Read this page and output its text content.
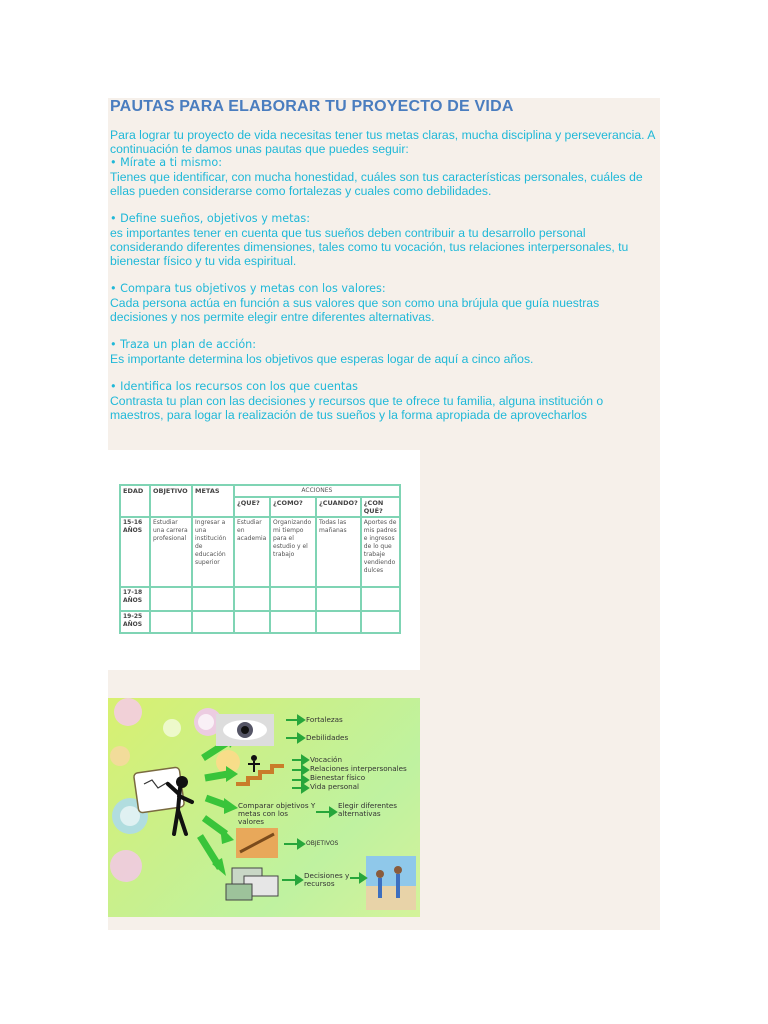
PAUTAS PARA ELABORAR TU PROYECTO DE VIDA

Para lograr tu proyecto de vida necesitas tener tus metas claras, mucha disciplina y perseverancia. A continuación te damos unas pautas que puedes seguir:

• Mírate a ti mismo:

Tienes que identificar, con mucha honestidad, cuáles son tus características personales, cuáles de ellas pueden considerarse como fortalezas y cuales como debilidades.

• Define sueños, objetivos y metas:

es importantes tener en cuenta que tus sueños deben contribuir a tu desarrollo personal considerando diferentes dimensiones, tales como tu vocación, tus relaciones interpersonales, tu bienestar físico y tu vida espiritual.

• Compara tus objetivos y metas con los valores:

Cada persona actúa en función a sus valores que son como una brújula que guía nuestras decisiones y nos permite elegir entre diferentes alternativas.

• Traza un plan de acción:

Es importante determina los objetivos que esperas logar de aquí a cinco años.

• Identifica los recursos con los que cuentas

Contrasta tu plan con las decisiones y recursos que te ofrece tu familia, alguna institución o maestros, para logar la realización de tus sueños y la forma apropiada de aprovecharlos

EDAD	OBJETIVO	METAS	ACCIONES			
			¿QUE?	¿COMO?	¿CUANDO?	¿CON QUÉ?
15-16 AÑOS	Estudiar una carrera profesional	Ingresar a una institución de educación superior	Estudiar en academia	Organizando mi tiempo para el estudio y el trabajo	Todas las mañanas	Aportes de mis padres e ingresos de lo que trabaje vendiendo dulces
17-18 AÑOS						
19-25 AÑOS						
Fortalezas
Debilidades
Vocación
Relaciones interpersonales
Bienestar físico
Vida personal
Comparar objetivos Y metas con los valores
Elegir diferentes alternativas
OBJETIVOS
Decisiones y recursos
